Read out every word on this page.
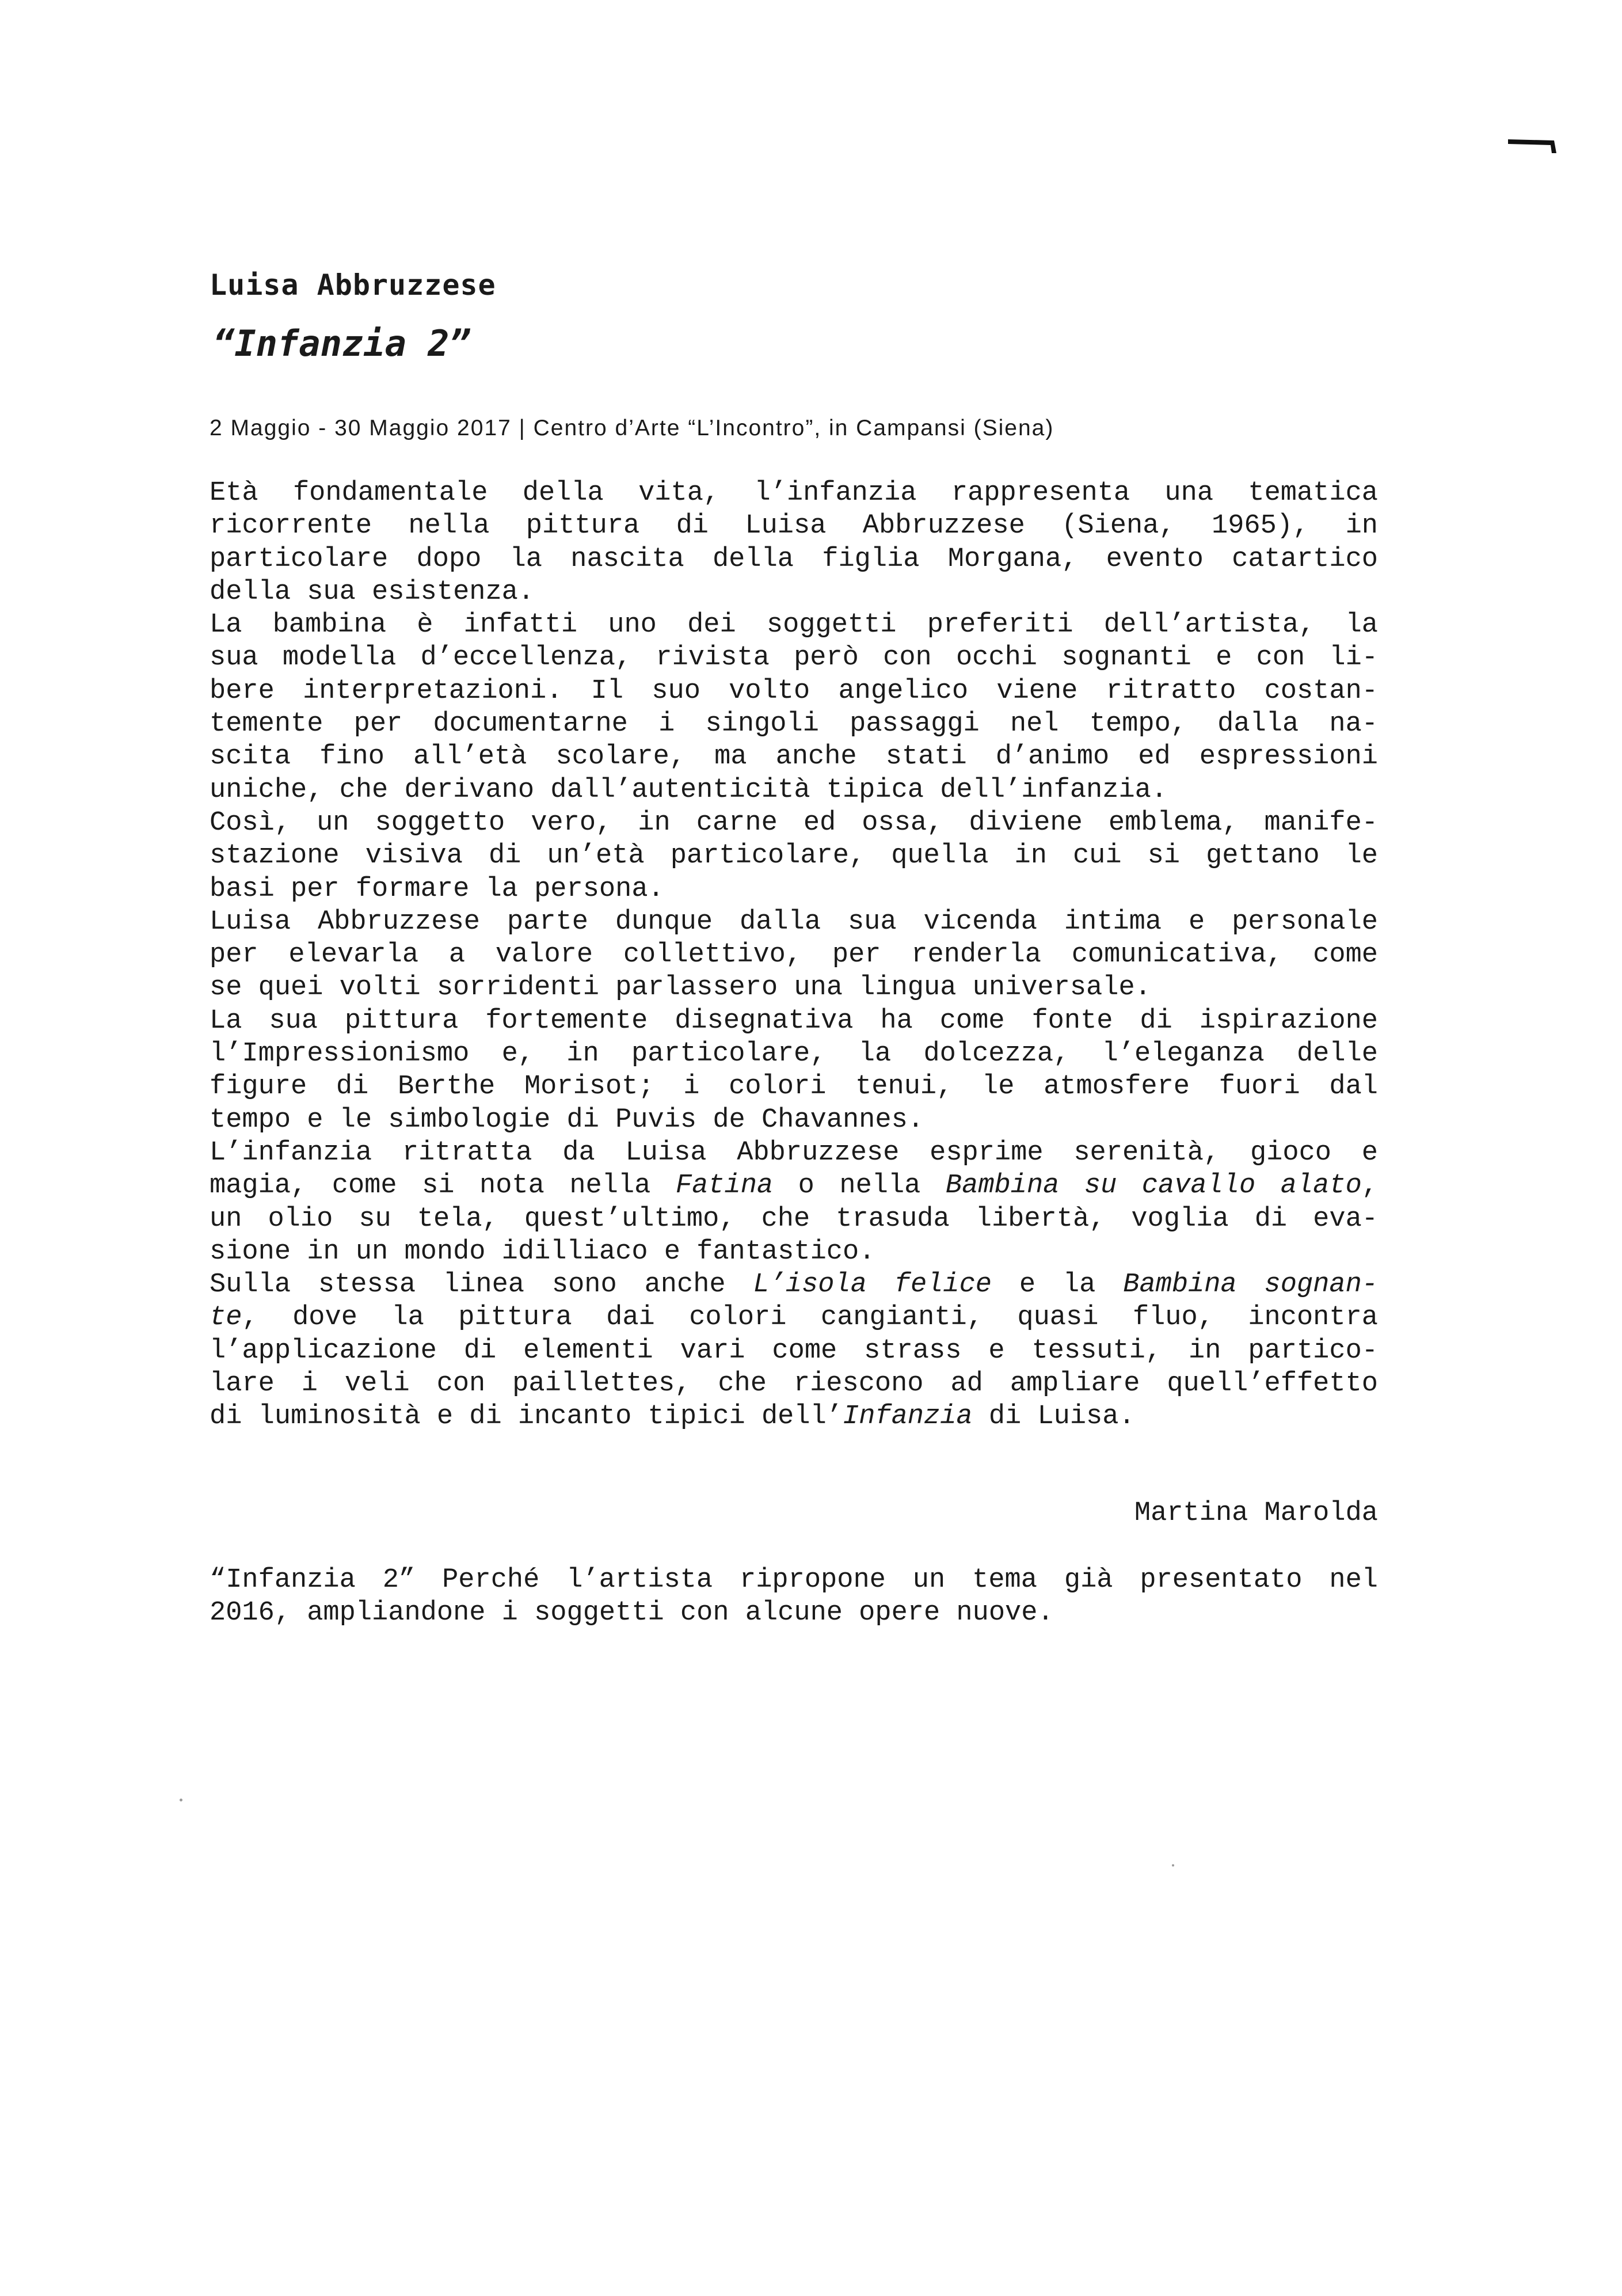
Luisa Abbruzzese
“Infanzia 2”
2 Maggio - 30 Maggio 2017 | Centro d’Arte “L’Incontro”, in Campansi (Siena)
Età fondamentale della vita, l’infanzia rappresenta una tematica
ricorrente nella pittura di Luisa Abbruzzese (Siena, 1965), in
particolare dopo la nascita della figlia Morgana, evento catartico
della sua esistenza.
La bambina è infatti uno dei soggetti preferiti dell’artista, la
sua modella d’eccellenza, rivista però con occhi sognanti e con li-
bere interpretazioni. Il suo volto angelico viene ritratto costan-
temente per documentarne i singoli passaggi nel tempo, dalla na-
scita fino all’età scolare, ma anche stati d’animo ed espressioni
uniche, che derivano dall’autenticità tipica dell’infanzia.
Così, un soggetto vero, in carne ed ossa, diviene emblema, manife-
stazione visiva di un’età particolare, quella in cui si gettano le
basi per formare la persona.
Luisa Abbruzzese parte dunque dalla sua vicenda intima e personale
per elevarla a valore collettivo, per renderla comunicativa, come
se quei volti sorridenti parlassero una lingua universale.
La sua pittura fortemente disegnativa ha come fonte di ispirazione
l’Impressionismo e, in particolare, la dolcezza, l’eleganza delle
figure di Berthe Morisot; i colori tenui, le atmosfere fuori dal
tempo e le simbologie di Puvis de Chavannes.
L’infanzia ritratta da Luisa Abbruzzese esprime serenità, gioco e
magia, come si nota nella Fatina o nella Bambina su cavallo alato,
un olio su tela, quest’ultimo, che trasuda libertà, voglia di eva-
sione in un mondo idilliaco e fantastico.
Sulla stessa linea sono anche L’isola felice e la Bambina sognan-
te, dove la pittura dai colori cangianti, quasi fluo, incontra
l’applicazione di elementi vari come strass e tessuti, in partico-
lare i veli con paillettes, che riescono ad ampliare quell’effetto
di luminosità e di incanto tipici dell’Infanzia di Luisa.
Martina Marolda
“Infanzia 2” Perché l’artista ripropone un tema già presentato nel
2016, ampliandone i soggetti con alcune opere nuove.
